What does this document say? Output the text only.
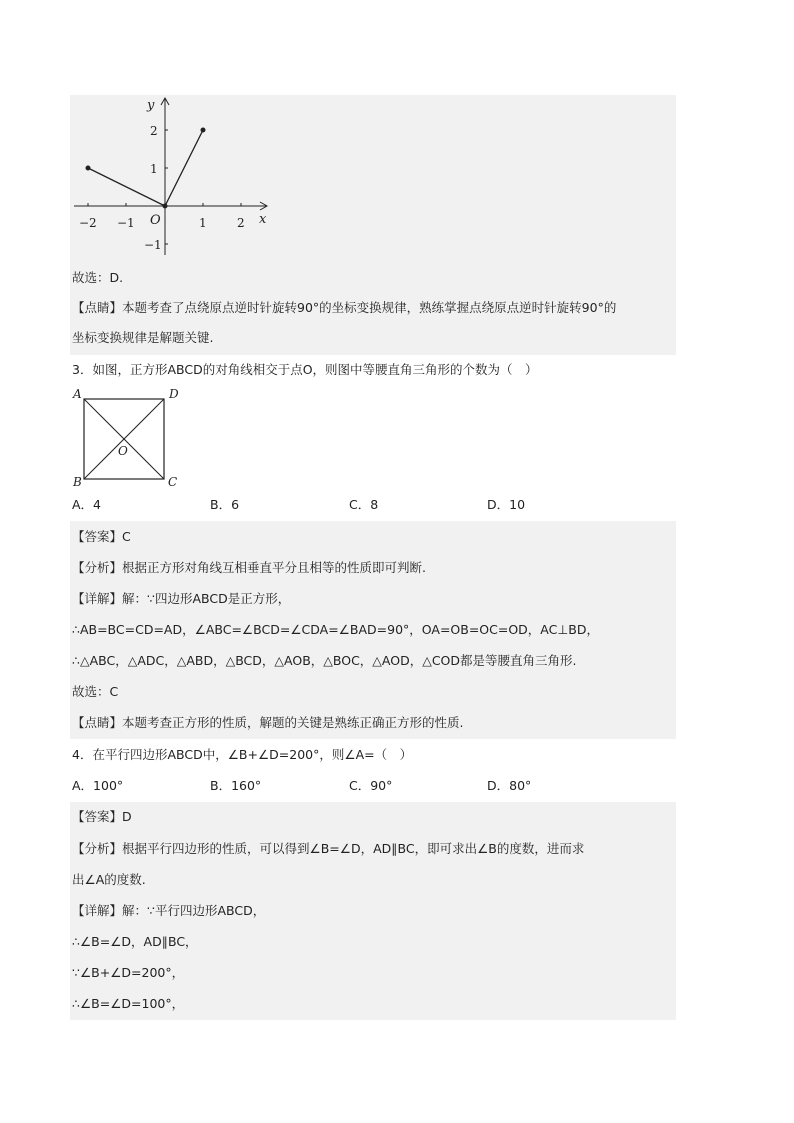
y
x
O
−2 −1	1	2
2
1
−1
故选：D.
【点睛】本题考查了点绕原点逆时针旋转90°的坐标变换规律，熟练掌握点绕原点逆时针旋转90°的
坐标变换规律是解题关键.
3．如图，正方形ABCD的对角线相交于点O，则图中等腰直角三角形的个数为（　）
A	D
B	C
O
A．4	B．6	C．8	D．10
【答案】C
【分析】根据正方形对角线互相垂直平分且相等的性质即可判断.
【详解】解：∵四边形ABCD是正方形，
∴AB=BC=CD=AD，∠ABC=∠BCD=∠CDA=∠BAD=90°，OA=OB=OC=OD，AC⊥BD，
∴△ABC，△ADC，△ABD，△BCD，△AOB，△BOC，△AOD，△COD都是等腰直角三角形.
故选：C
【点睛】本题考查正方形的性质，解题的关键是熟练正确正方形的性质.
4．在平行四边形ABCD中，∠B+∠D=200°，则∠A=（　）
A．100°	B．160°	C．90°	D．80°
【答案】D
【分析】根据平行四边形的性质，可以得到∠B=∠D，AD∥BC，即可求出∠B的度数，进而求
出∠A的度数.
【详解】解：∵平行四边形ABCD，
∴∠B=∠D，AD∥BC，
∵∠B+∠D=200°，
∴∠B=∠D=100°，
